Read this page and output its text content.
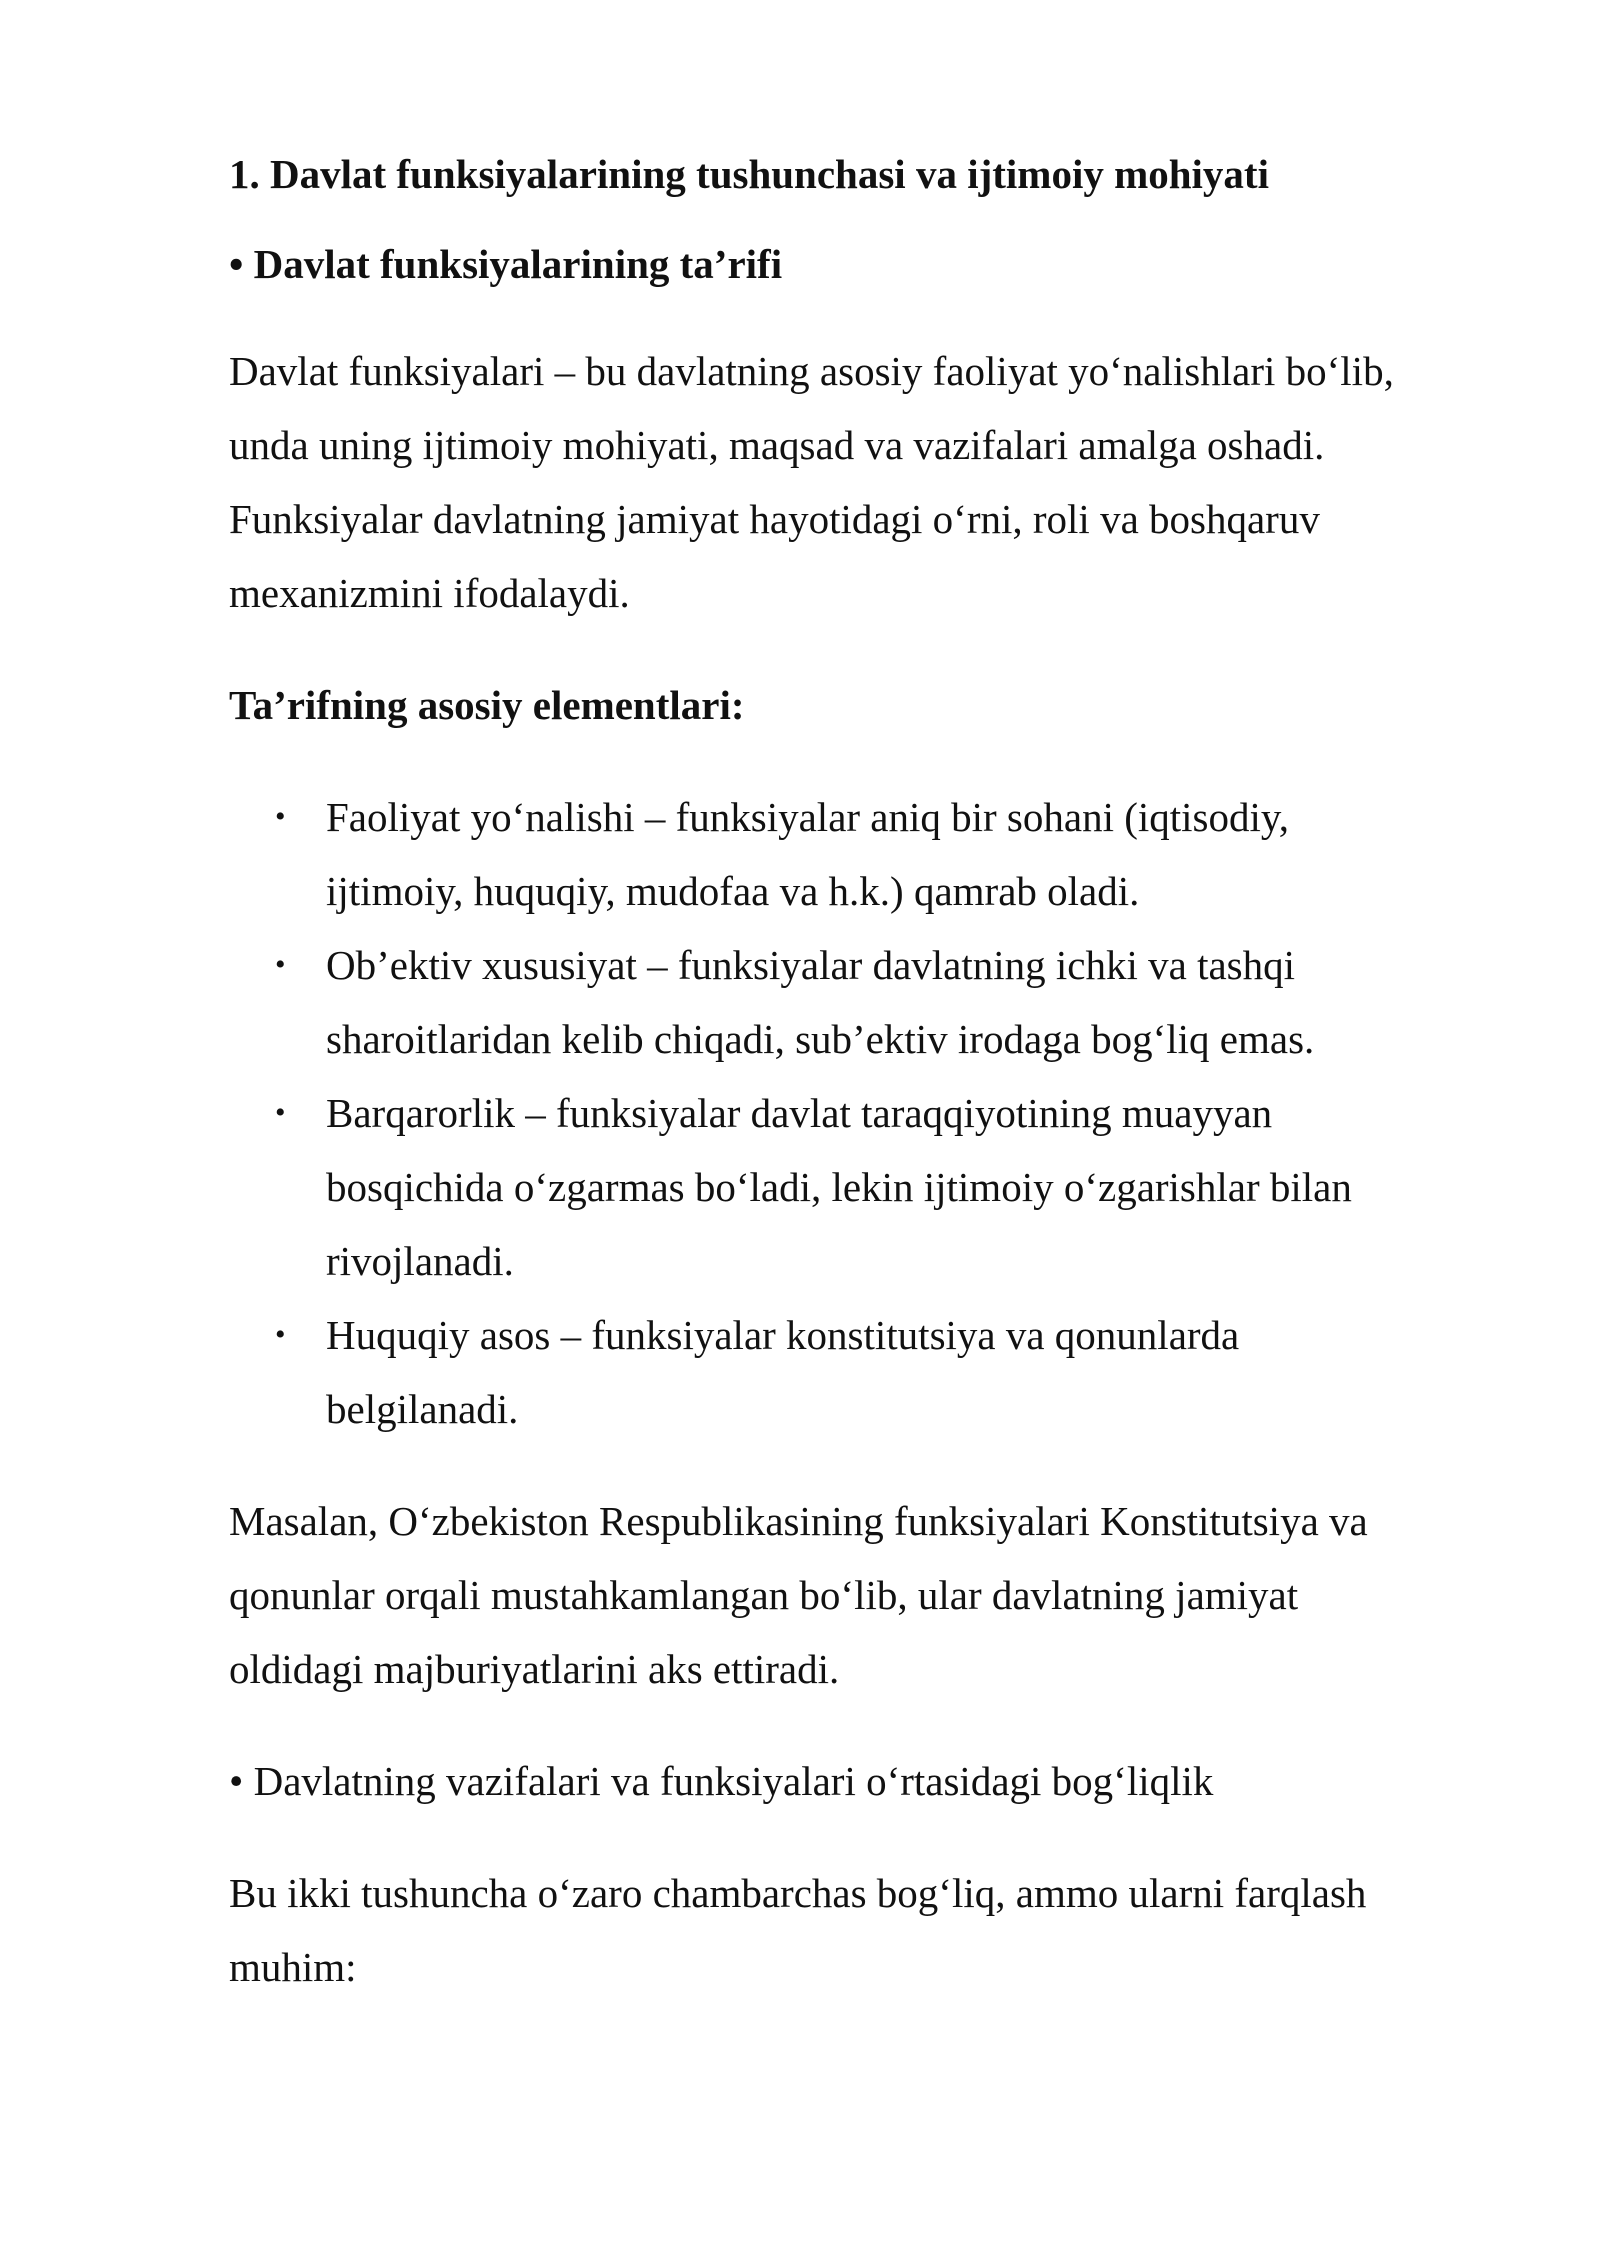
1. Davlat funksiyalarining tushunchasi va ijtimoiy mohiyati
• Davlat funksiyalarining ta’rifi

Davlat funksiyalari – bu davlatning asosiy faoliyat yo‘nalishlari bo‘lib,
unda uning ijtimoiy mohiyati, maqsad va vazifalari amalga oshadi.
Funksiyalar davlatning jamiyat hayotidagi o‘rni, roli va boshqaruv
mexanizmini ifodalaydi.

Ta’rifning asosiy elementlari:

• Faoliyat yo‘nalishi – funksiyalar aniq bir sohani (iqtisodiy,
ijtimoiy, huquqiy, mudofaa va h.k.) qamrab oladi.
• Ob’ektiv xususiyat – funksiyalar davlatning ichki va tashqi
sharoitlaridan kelib chiqadi, sub’ektiv irodaga bog‘liq emas.
• Barqarorlik – funksiyalar davlat taraqqiyotining muayyan
bosqichida o‘zgarmas bo‘ladi, lekin ijtimoiy o‘zgarishlar bilan
rivojlanadi.
• Huquqiy asos – funksiyalar konstitutsiya va qonunlarda
belgilanadi.

Masalan, O‘zbekiston Respublikasining funksiyalari Konstitutsiya va
qonunlar orqali mustahkamlangan bo‘lib, ular davlatning jamiyat
oldidagi majburiyatlarini aks ettiradi.

• Davlatning vazifalari va funksiyalari o‘rtasidagi bog‘liqlik

Bu ikki tushuncha o‘zaro chambarchas bog‘liq, ammo ularni farqlash
muhim:
